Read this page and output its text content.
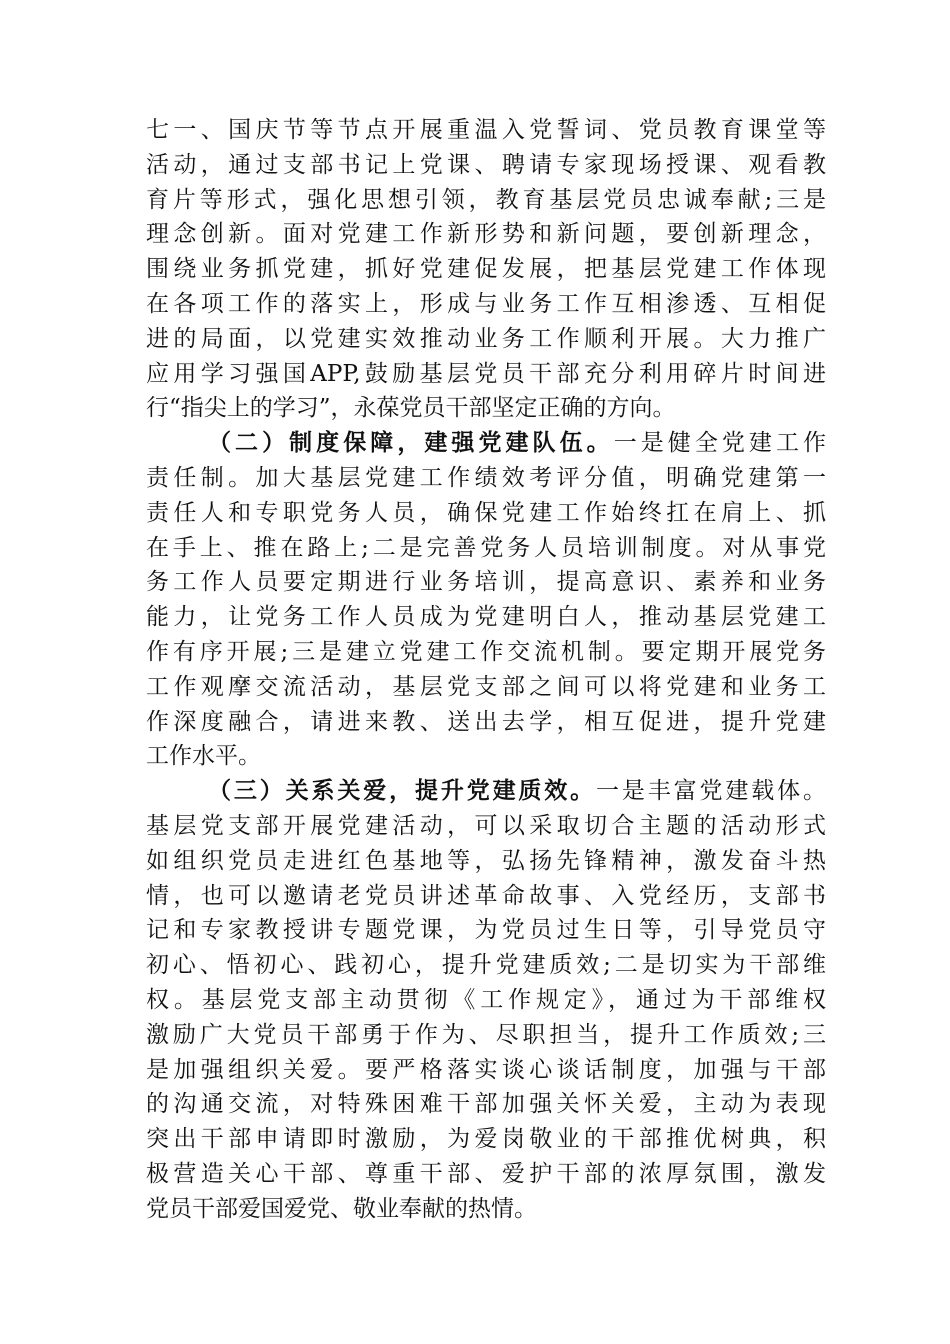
七一、国庆节等节点开展重温入党誓词、党员教育课堂等
活动，通过支部书记上党课、聘请专家现场授课、观看教
育片等形式，强化思想引领，教育基层党员忠诚奉献;三是
理念创新。面对党建工作新形势和新问题，要创新理念，
围绕业务抓党建，抓好党建促发展，把基层党建工作体现
在各项工作的落实上，形成与业务工作互相渗透、互相促
进的局面，以党建实效推动业务工作顺利开展。大力推广
应用学习强国APP,鼓励基层党员干部充分利用碎片时间进
行“指尖上的学习”，永葆党员干部坚定正确的方向。
（二）制度保障，建强党建队伍。一是健全党建工作
责任制。加大基层党建工作绩效考评分值，明确党建第一
责任人和专职党务人员，确保党建工作始终扛在肩上、抓
在手上、推在路上;二是完善党务人员培训制度。对从事党
务工作人员要定期进行业务培训，提高意识、素养和业务
能力，让党务工作人员成为党建明白人，推动基层党建工
作有序开展;三是建立党建工作交流机制。要定期开展党务
工作观摩交流活动，基层党支部之间可以将党建和业务工
作深度融合，请进来教、送出去学，相互促进，提升党建
工作水平。
（三）关系关爱，提升党建质效。一是丰富党建载体。
基层党支部开展党建活动，可以采取切合主题的活动形式
如组织党员走进红色基地等，弘扬先锋精神，激发奋斗热
情，也可以邀请老党员讲述革命故事、入党经历，支部书
记和专家教授讲专题党课，为党员过生日等，引导党员守
初心、悟初心、践初心，提升党建质效;二是切实为干部维
权。基层党支部主动贯彻《工作规定》，通过为干部维权
激励广大党员干部勇于作为、尽职担当，提升工作质效;三
是加强组织关爱。要严格落实谈心谈话制度，加强与干部
的沟通交流，对特殊困难干部加强关怀关爱，主动为表现
突出干部申请即时激励，为爱岗敬业的干部推优树典，积
极营造关心干部、尊重干部、爱护干部的浓厚氛围，激发
党员干部爱国爱党、敬业奉献的热情。
